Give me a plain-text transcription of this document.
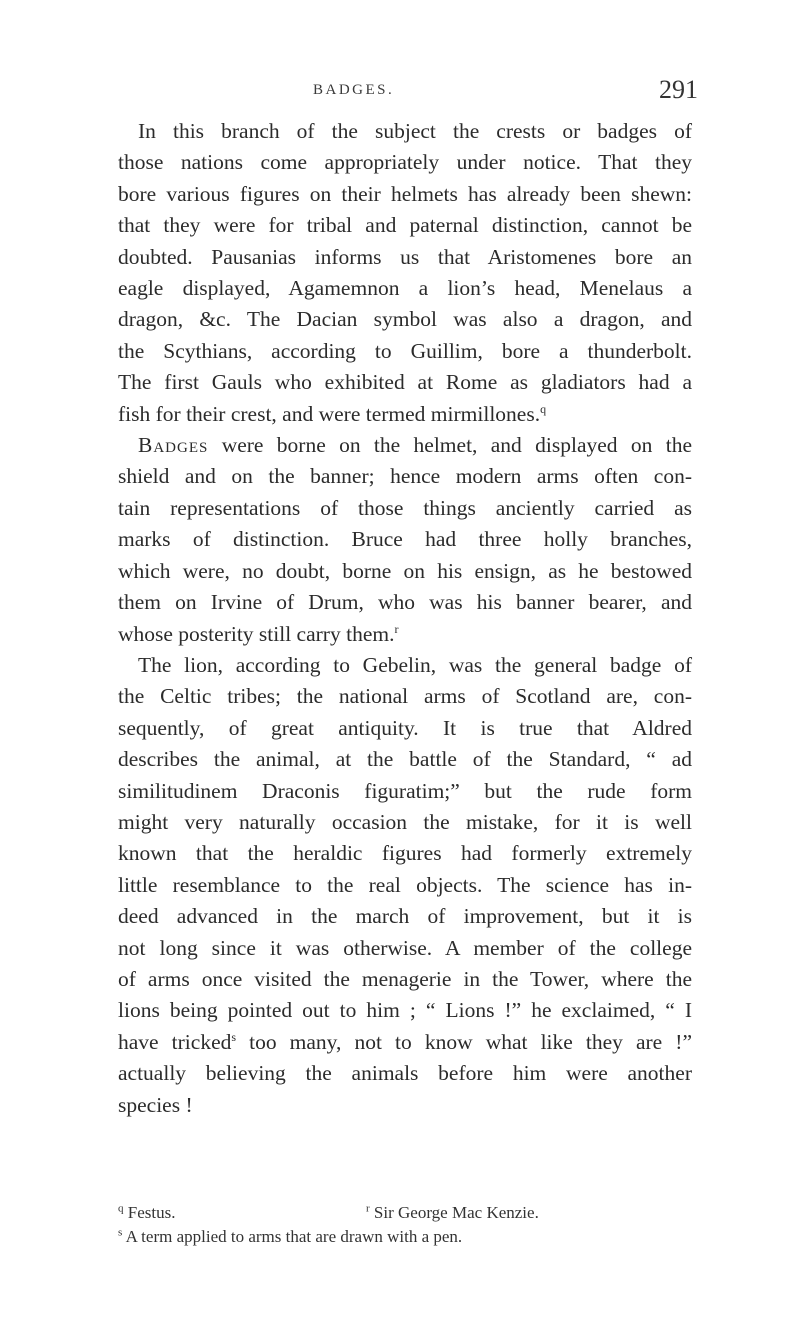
BADGES.	291
In this branch of the subject the crests or badges of
those nations come appropriately under notice. That they
bore various figures on their helmets has already been shewn:
that they were for tribal and paternal distinction, cannot be
doubted. Pausanias informs us that Aristomenes bore an
eagle displayed, Agamemnon a lion’s head, Menelaus a
dragon, &c. The Dacian symbol was also a dragon, and
the Scythians, according to Guillim, bore a thunderbolt.
The first Gauls who exhibited at Rome as gladiators had a
fish for their crest, and were termed mirmillones.$^q$
Badges were borne on the helmet, and displayed on the
shield and on the banner; hence modern arms often con-
tain representations of those things anciently carried as
marks of distinction. Bruce had three holly branches,
which were, no doubt, borne on his ensign, as he bestowed
them on Irvine of Drum, who was his banner bearer, and
whose posterity still carry them.$^r$
The lion, according to Gebelin, was the general badge of
the Celtic tribes; the national arms of Scotland are, con-
sequently, of great antiquity. It is true that Aldred
describes the animal, at the battle of the Standard, “ ad
similitudinem Draconis figuratim;” but the rude form
might very naturally occasion the mistake, for it is well
known that the heraldic figures had formerly extremely
little resemblance to the real objects. The science has in-
deed advanced in the march of improvement, but it is
not long since it was otherwise. A member of the college
of arms once visited the menagerie in the Tower, where the
lions being pointed out to him ; “ Lions !” he exclaimed, “ I
have tricked$^s$ too many, not to know what like they are !”
actually believing the animals before him were another
species !
$^q$ Festus.	$^r$ Sir George Mac Kenzie.
$^s$ A term applied to arms that are drawn with a pen.
